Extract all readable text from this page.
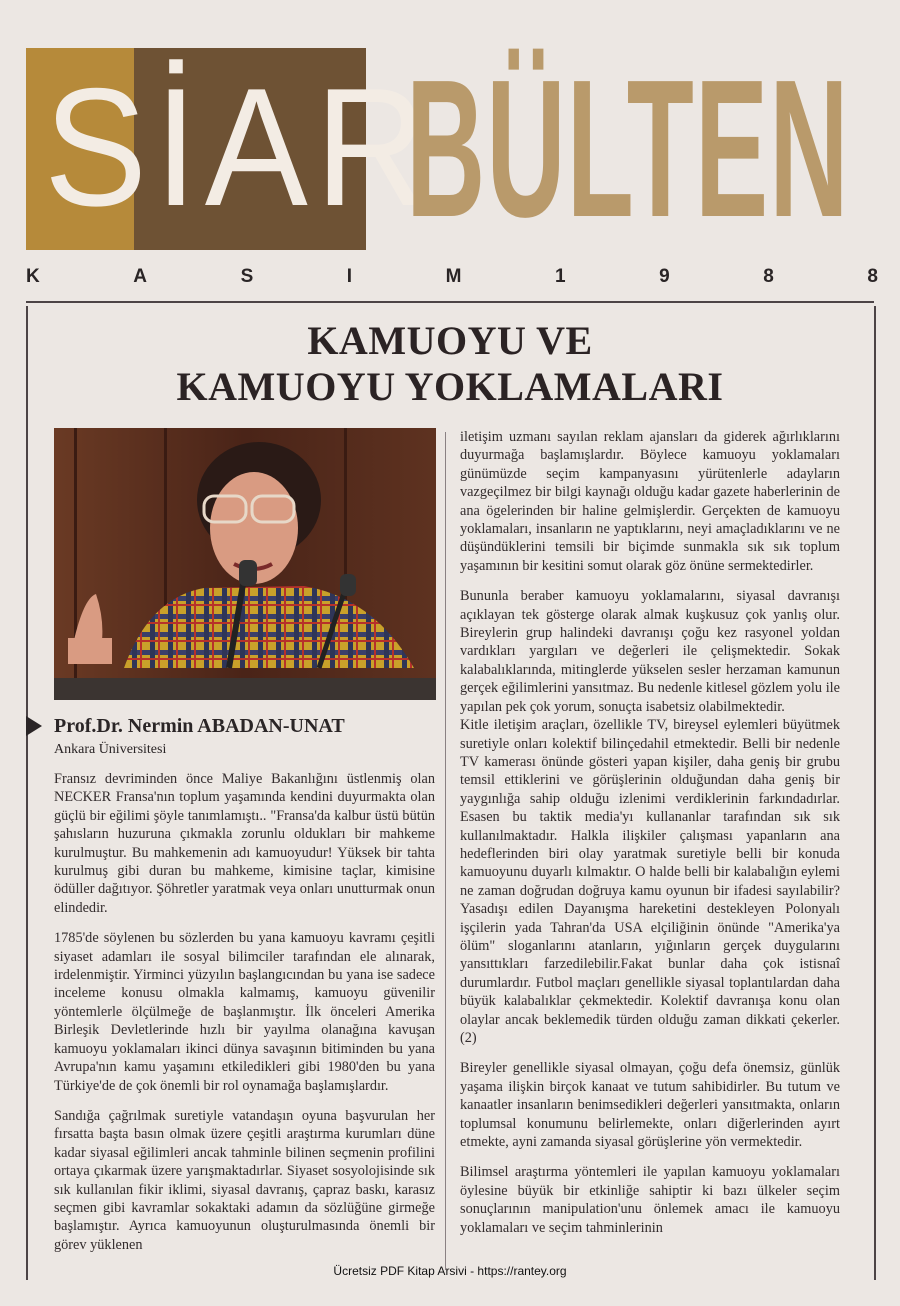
SİAR
BÜLTEN
K	A	S	I	M	1	9	8	8
KAMUOYU VE
KAMUOYU YOKLAMALARI
Prof.Dr. Nermin ABADAN-UNAT
Ankara Üniversitesi

Fransız devriminden önce Maliye Bakanlığını üstlenmiş olan NECKER Fransa'nın toplum yaşamında kendini duyurmakta olan güçlü bir eğilimi şöyle tanımlamıştı.. "Fransa'da kalbur üstü bütün şahısların huzuruna çıkmakla zorunlu oldukları bir mahkeme kurulmuştur. Bu mahkemenin adı kamuoyudur! Yüksek bir tahta kurulmuş gibi duran bu mahkeme, kimisine taçlar, kimisine ödüller dağıtıyor. Şöhretler yaratmak veya onları unutturmak onun elindedir.

1785'de söylenen bu sözlerden bu yana kamuoyu kavramı çeşitli siyaset adamları ile sosyal bilimciler tarafından ele alınarak, irdelenmiştir. Yirminci yüzyılın başlangıcından bu yana ise sadece inceleme konusu olmakla kalmamış, kamuoyu güvenilir yöntemlerle ölçülmeğe de başlanmıştır. İlk önceleri Amerika Birleşik Devletlerinde hızlı bir yayılma olanağına kavuşan kamuoyu yoklamaları ikinci dünya savaşının bitiminden bu yana Avrupa'nın kamu yaşamını etkiledikleri gibi 1980'den bu yana Türkiye'de de çok önemli bir rol oynamağa başlamışlardır.

Sandığa çağrılmak suretiyle vatandaşın oyuna başvurulan her fırsatta başta basın olmak üzere çeşitli araştırma kurumları düne kadar siyasal eğilimleri ancak tahminle bilinen seçmenin profilini ortaya çıkarmak üzere yarışmaktadırlar. Siyaset sosyolojisinde sık sık kullanılan fikir iklimi, siyasal davranış, çapraz baskı, karasız seçmen gibi kavramlar sokaktaki adamın da sözlüğüne girmeğe başlamıştır. Ayrıca kamuoyunun oluşturulmasında önemli bir görev yüklenen

iletişim uzmanı sayılan reklam ajansları da giderek ağırlıklarını duyurmağa başlamışlardır. Böylece kamuoyu yoklamaları günümüzde seçim kampanyasını yürütenlerle adayların vazgeçilmez bir bilgi kaynağı olduğu kadar gazete haberlerinin de ana ögelerinden bir haline gelmişlerdir. Gerçekten de kamuoyu yoklamaları, insanların ne yaptıklarını, neyi amaçladıklarını ve ne düşündüklerini temsili bir biçimde sunmakla sık sık toplum yaşamının bir kesitini somut olarak göz önüne sermektedirler.

Bununla beraber kamuoyu yoklamalarını, siyasal davranışı açıklayan tek gösterge olarak almak kuşkusuz çok yanlış olur. Bireylerin grup halindeki davranışı çoğu kez rasyonel yoldan vardıkları yargıları ve değerleri ile çelişmektedir. Sokak kalabalıklarında, mitinglerde yükselen sesler herzaman kamunun gerçek eğilimlerini yansıtmaz. Bu nedenle kitlesel gözlem yolu ile yapılan pek çok yorum, sonuçta isabetsiz olabilmektedir.

Kitle iletişim araçları, özellikle TV, bireysel eylemleri büyütmek suretiyle onları kolektif bilinçedahil etmektedir. Belli bir nedenle TV kamerası önünde gösteri yapan kişiler, daha geniş bir grubu temsil ettiklerini ve görüşlerinin olduğundan daha geniş bir yaygınlığa sahip olduğu izlenimi verdiklerinin farkındadırlar. Esasen bu taktik media'yı kullananlar tarafından sık sık kullanılmaktadır. Halkla ilişkiler çalışması yapanların ana hedeflerinden biri olay yaratmak suretiyle belli bir konuda kamuoyunu duyarlı kılmaktır. O halde belli bir kalabalığın eylemi ne zaman doğrudan doğruya kamu oyunun bir ifadesi sayılabilir? Yasadışı edilen Dayanışma hareketini destekleyen Polonyalı işçilerin yada Tahran'da USA elçiliğinin önünde "Amerika'ya ölüm" sloganlarını atanların, yığınların gerçek duygularını yansıttıkları farzedilebilir.Fakat bunlar daha çok istisnaî durumlardır. Futbol maçları genellikle siyasal toplantılardan daha büyük kalabalıklar çekmektedir. Kolektif davranışa konu olan olaylar ancak beklemedik türden olduğu zaman dikkati çekerler. (2)

Bireyler genellikle siyasal olmayan, çoğu defa önemsiz, günlük yaşama ilişkin birçok kanaat ve tutum sahibidirler. Bu tutum ve kanaatler insanların benimsedikleri değerleri yansıtmakta, onların toplumsal konumunu belirlemekte, onları diğerlerinden ayırt etmekte, ayni zamanda siyasal görüşlerine yön vermektedir.

Bilimsel araştırma yöntemleri ile yapılan kamuoyu yoklamaları öylesine büyük bir etkinliğe sahiptir ki bazı ülkeler seçim sonuçlarının manipulation'unu önlemek amacı ile kamuoyu yoklamaları ve seçim tahminlerinin

Ücretsiz PDF Kitap Arsivi - https://rantey.org
